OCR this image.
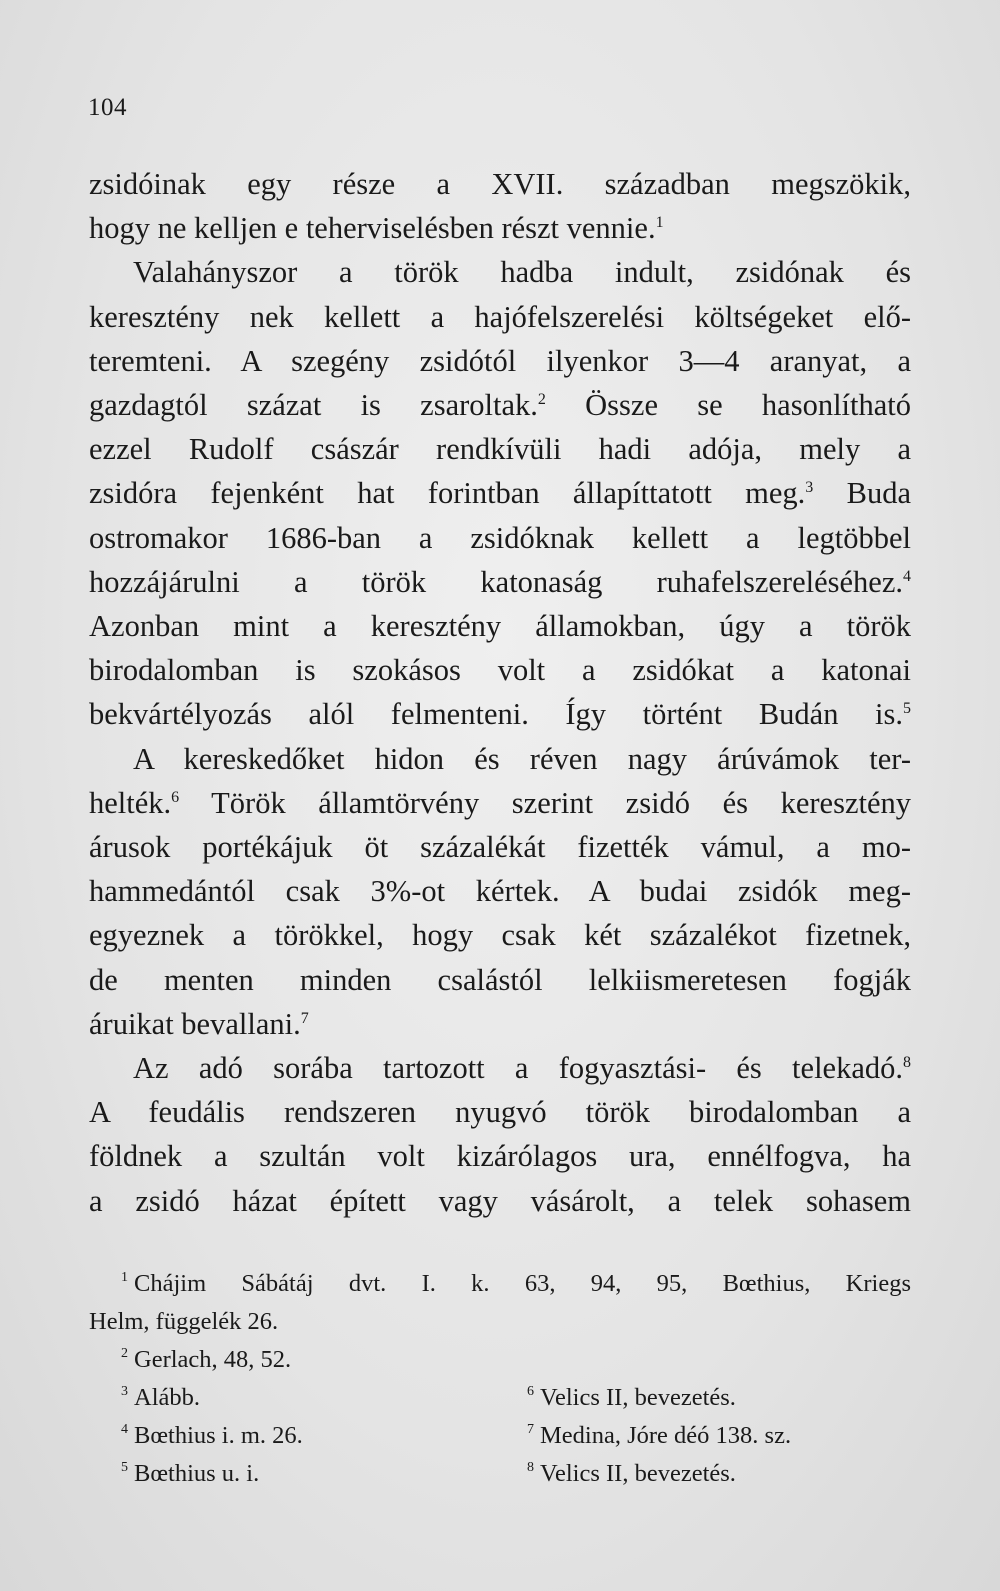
104
zsidóinak egy része a XVII. században megszökik,
hogy ne kelljen e teherviselésben részt vennie.$^1$
Valahányszor a török hadba indult, zsidónak és
keresztény nek kellett a hajófelszerelési költségeket elő-
teremteni. A szegény zsidótól ilyenkor 3—4 aranyat, a
gazdagtól százat is zsaroltak.$^2$ Össze se hasonlítható
ezzel Rudolf császár rendkívüli hadi adója, mely a
zsidóra fejenként hat forintban állapíttatott meg.$^3$ Buda
ostromakor 1686-ban a zsidóknak kellett a legtöbbel
hozzájárulni a török katonaság ruhafelszereléséhez.$^4$
Azonban mint a keresztény államokban, úgy a török
birodalomban is szokásos volt a zsidókat a katonai
bekvártélyozás alól felmenteni. Így történt Budán is.$^5$
A kereskedőket hidon és réven nagy árúvámok ter-
helték.$^6$ Török államtörvény szerint zsidó és keresztény
árusok portékájuk öt százalékát fizették vámul, a mo-
hammedántól csak 3%-ot kértek. A budai zsidók meg-
egyeznek a törökkel, hogy csak két százalékot fizetnek,
de menten minden csalástól lelkiismeretesen fogják
áruikat bevallani.$^7$
Az adó sorába tartozott a fogyasztási- és telekadó.$^8$
A feudális rendszeren nyugvó török birodalomban a
földnek a szultán volt kizárólagos ura, ennélfogva, ha
a zsidó házat épített vagy vásárolt, a telek sohasem
$^1$ Chájim Sábátáj dvt. I. k. 63, 94, 95, Bœthius, Kriegs
Helm, függelék 26.
$^2$ Gerlach, 48, 52.
$^3$ Alább.	$^6$ Velics II, bevezetés.
$^4$ Bœthius i. m. 26.	$^7$ Medina, Jóre déó 138. sz.
$^5$ Bœthius u. i.	$^8$ Velics II, bevezetés.
